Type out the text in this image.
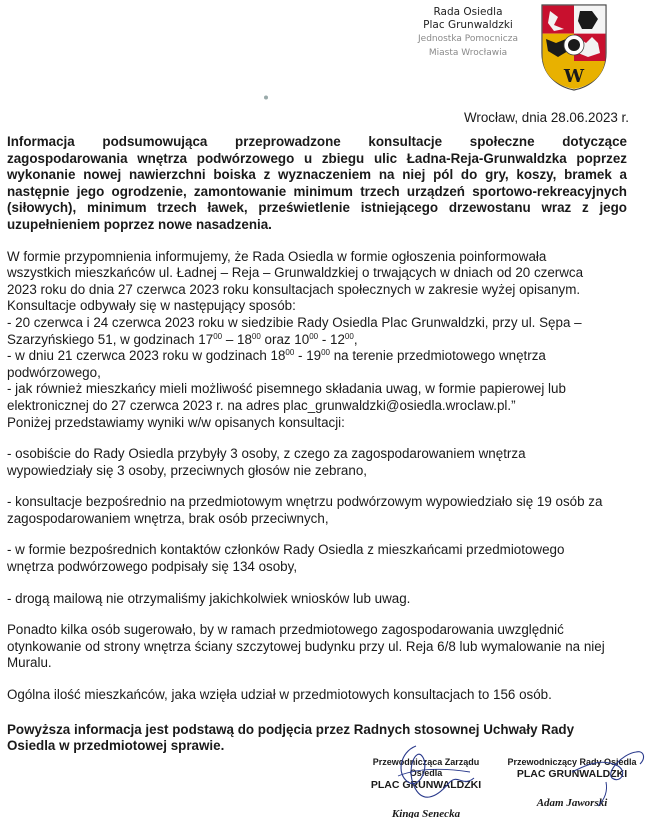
Rada Osiedla
Plac Grunwaldzki
Jednostka Pomocnicza
Miasta Wrocławia
W
Wrocław, dnia 28.06.2023 r.

Informacja podsumowująca przeprowadzone konsultacje społeczne dotyczące zagospodarowania wnętrza podwórzowego u zbiegu ulic Ładna-Reja-Grunwaldzka poprzez wykonanie nowej nawierzchni boiska z wyznaczeniem na niej pól do gry, koszy, bramek a następnie jego ogrodzenie, zamontowanie minimum trzech urządzeń sportowo-rekreacyjnych (siłowych), minimum trzech ławek, prześwietlenie istniejącego drzewostanu wraz z jego uzupełnieniem poprzez nowe nasadzenia.

W formie przypomnienia informujemy, że Rada Osiedla w formie ogłoszenia poinformowała
wszystkich mieszkańców ul. Ładnej – Reja – Grunwaldzkiej o trwających w dniach od 20 czerwca
2023 roku do dnia 27 czerwca 2023 roku konsultacjach społecznych w zakresie wyżej opisanym.
Konsultacje odbywały się w następujący sposób:
- 20 czerwca i 24 czerwca 2023 roku w siedzibie Rady Osiedla Plac Grunwaldzki, przy ul. Sępa –
Szarzyńskiego 51, w godzinach $17^{00} - 18^{00}$ oraz $10^{00} - 12^{00}$,
- w dniu 21 czerwca 2023 roku w godzinach $18^{00} - 19^{00}$ na terenie przedmiotowego wnętrza
podwórzowego,
- jak również mieszkańcy mieli możliwość pisemnego składania uwag, w formie papierowej lub
elektronicznej do 27 czerwca 2023 r. na adres plac_grunwaldzki@osiedla.wroclaw.pl.”
Poniżej przedstawiamy wyniki w/w opisanych konsultacji:
- osobiście do Rady Osiedla przybyły 3 osoby, z czego za zagospodarowaniem wnętrza
wypowiedziały się 3 osoby, przeciwnych głosów nie zebrano,
- konsultacje bezpośrednio na przedmiotowym wnętrzu podwórzowym wypowiedziało się 19 osób za
zagospodarowaniem wnętrza, brak osób przeciwnych,
- w formie bezpośrednich kontaktów członków Rady Osiedla z mieszkańcami przedmiotowego
wnętrza podwórzowego podpisały się 134 osoby,
- drogą mailową nie otrzymaliśmy jakichkolwiek wniosków lub uwag.
Ponadto kilka osób sugerowało, by w ramach przedmiotowego zagospodarowania uwzględnić
otynkowanie od strony wnętrza ściany szczytowej budynku przy ul. Reja 6/8 lub wymalowanie na niej
Muralu.
Ogólna ilość mieszkańców, jaka wzięła udział w przedmiotowych konsultacjach to 156 osób.
Powyższa informacja jest podstawą do podjęcia przez Radnych stosownej Uchwały Rady
Osiedla w przedmiotowej sprawie.
Przewodnicząca Zarządu Osiedla
PLAC GRUNWALDZKI
Kinga Senecka
Przewodniczący Rady Osiedla
PLAC GRUNWALDZKI
Adam Jaworski
